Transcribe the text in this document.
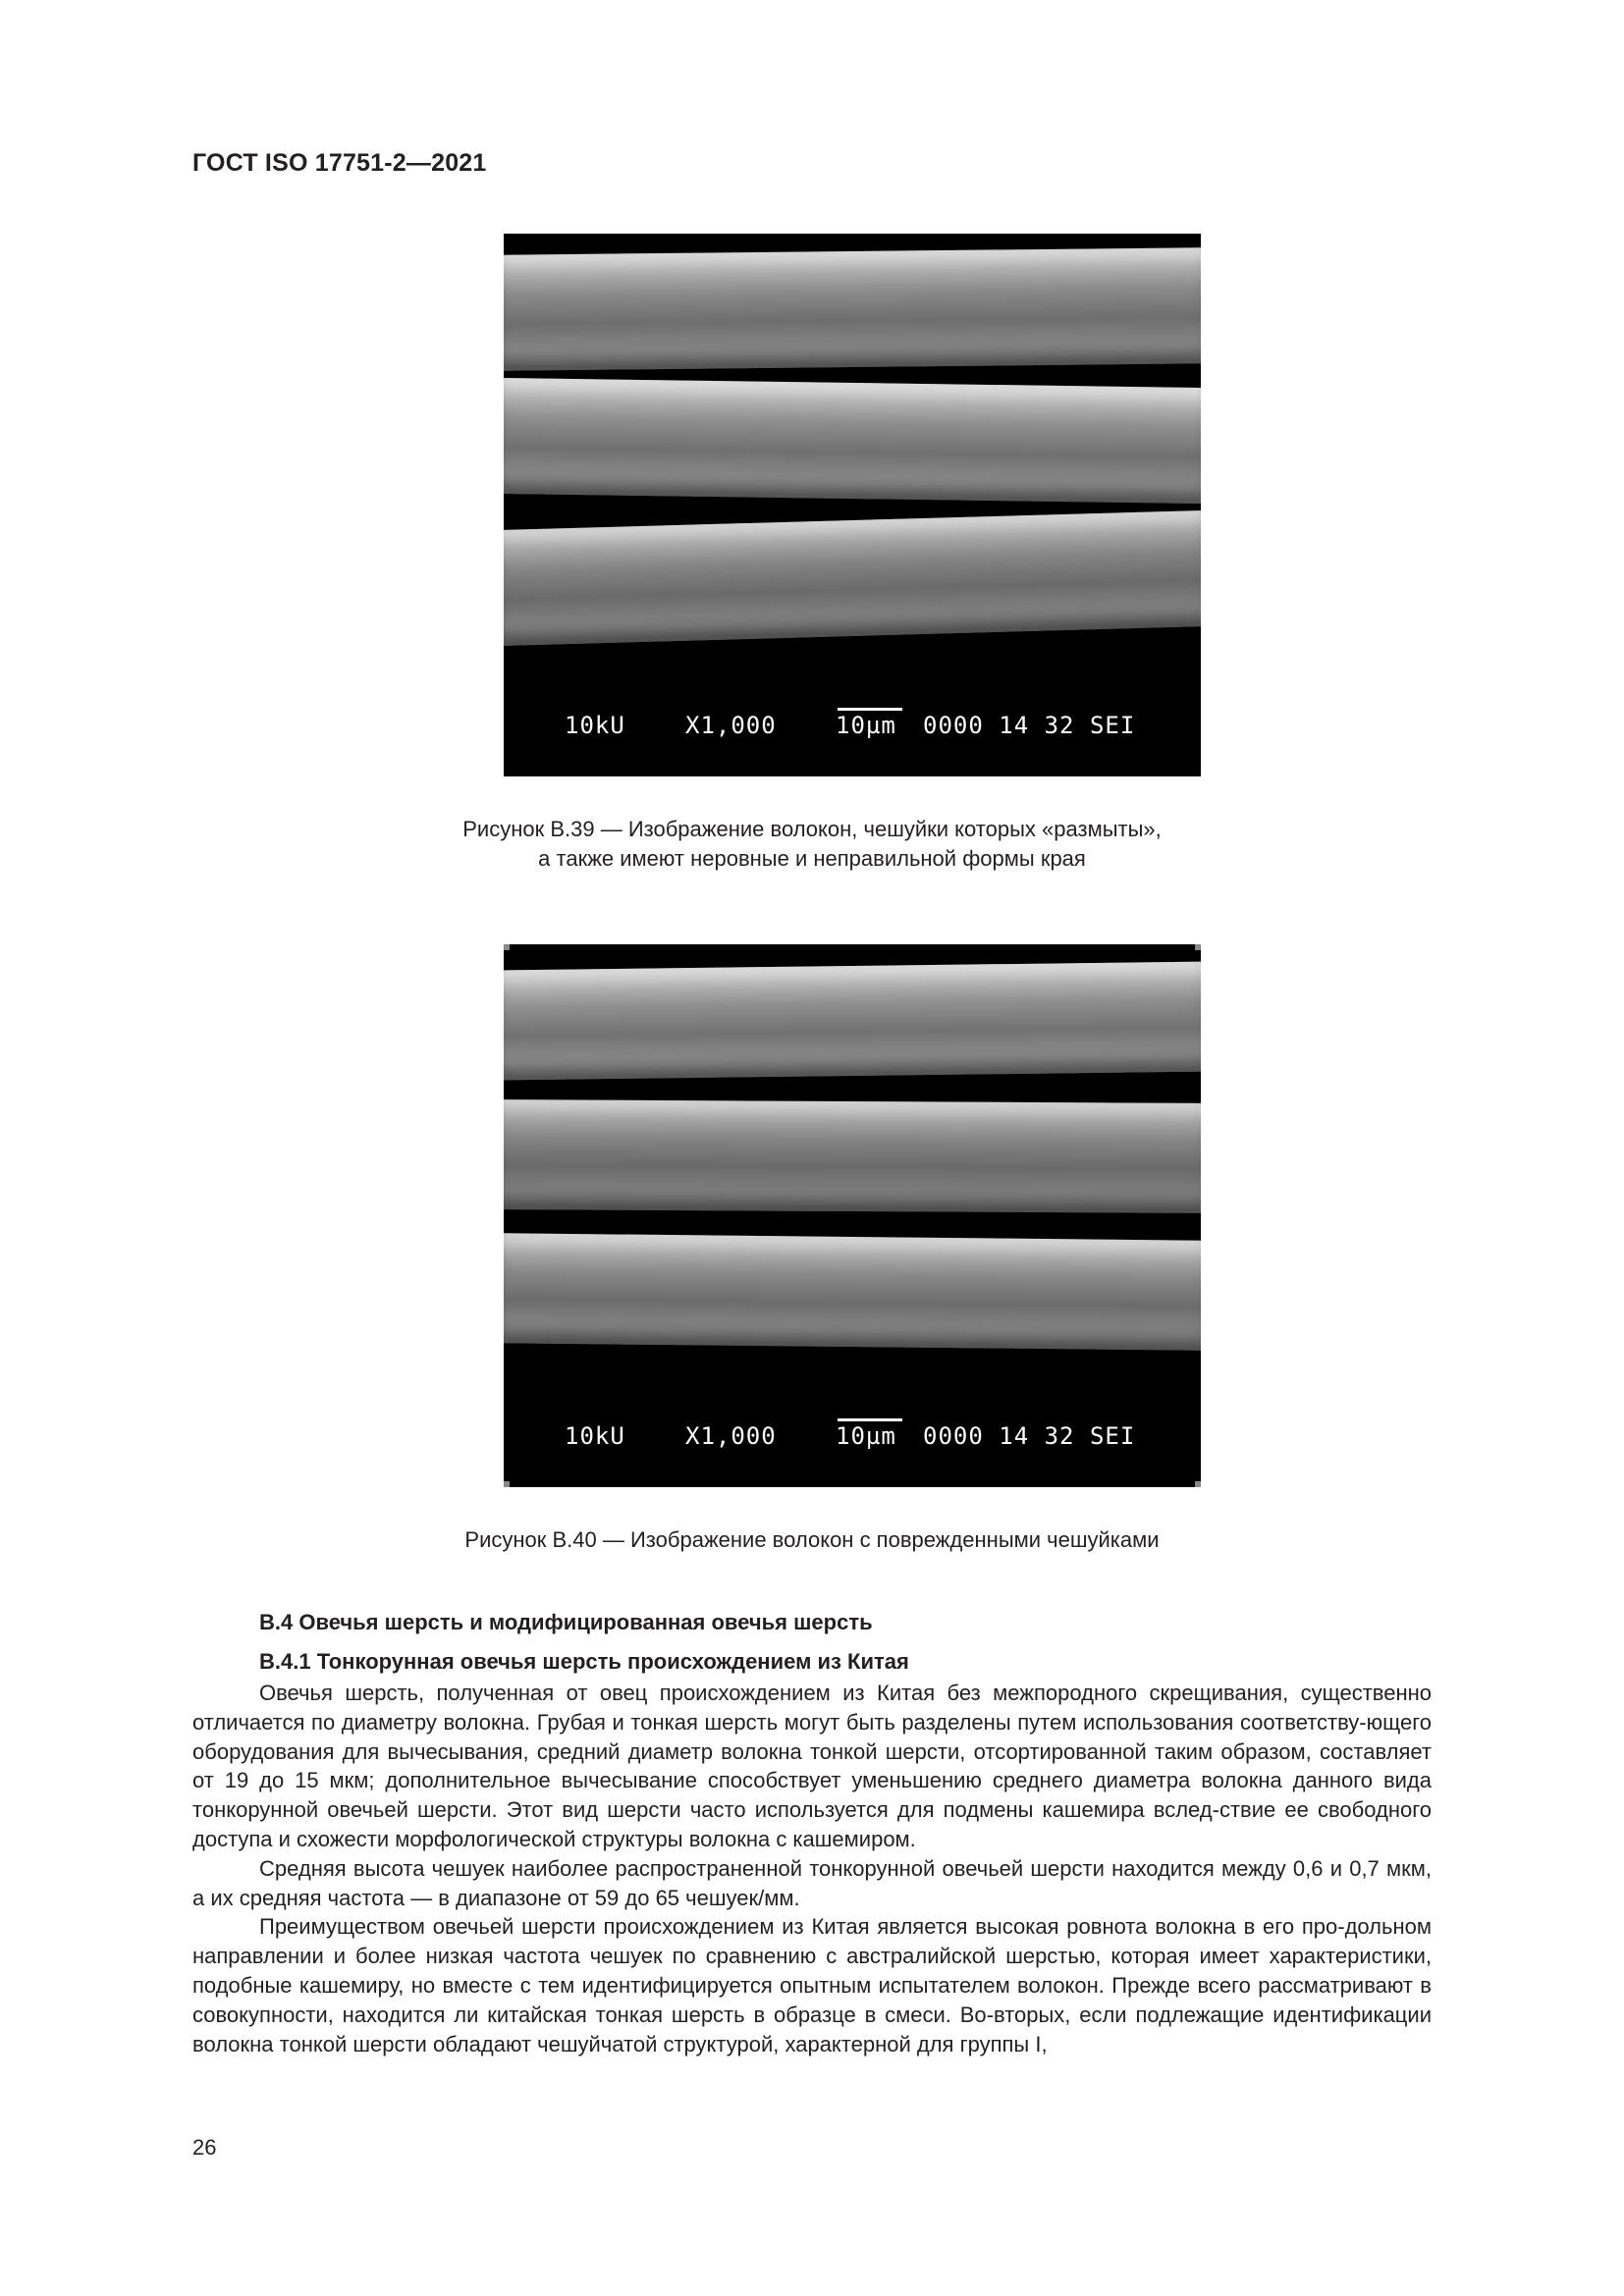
ГОСТ ISO 17751-2—2021
10kU	X1,000	10µm 0000 14 32 SEI
Рисунок В.39 — Изображение волокон, чешуйки которых «размыты»,
а также имеют неровные и неправильной формы края
10kU	X1,000	10µm 0000 14 32 SEI
Рисунок В.40 — Изображение волокон с поврежденными чешуйками
В.4 Овечья шерсть и модифицированная овечья шерсть
В.4.1 Тонкорунная овечья шерсть происхождением из Китая

Овечья шерсть, полученная от овец происхождением из Китая без межпородного скрещивания, существенно отличается по диаметру волокна. Грубая и тонкая шерсть могут быть разделены путем использования соответству-ющего оборудования для вычесывания, средний диаметр волокна тонкой шерсти, отсортированной таким образом, составляет от 19 до 15 мкм; дополнительное вычесывание способствует уменьшению среднего диаметра волокна данного вида тонкорунной овечьей шерсти. Этот вид шерсти часто используется для подмены кашемира вслед-ствие ее свободного доступа и схожести морфологической структуры волокна с кашемиром.

Средняя высота чешуек наиболее распространенной тонкорунной овечьей шерсти находится между 0,6 и 0,7 мкм, а их средняя частота — в диапазоне от 59 до 65 чешуек/мм.

Преимуществом овечьей шерсти происхождением из Китая является высокая ровнота волокна в его про-дольном направлении и более низкая частота чешуек по сравнению с австралийской шерстью, которая имеет характеристики, подобные кашемиру, но вместе с тем идентифицируется опытным испытателем волокон. Прежде всего рассматривают в совокупности, находится ли китайская тонкая шерсть в образце в смеси. Во-вторых, если подлежащие идентификации волокна тонкой шерсти обладают чешуйчатой структурой, характерной для группы I,

26
